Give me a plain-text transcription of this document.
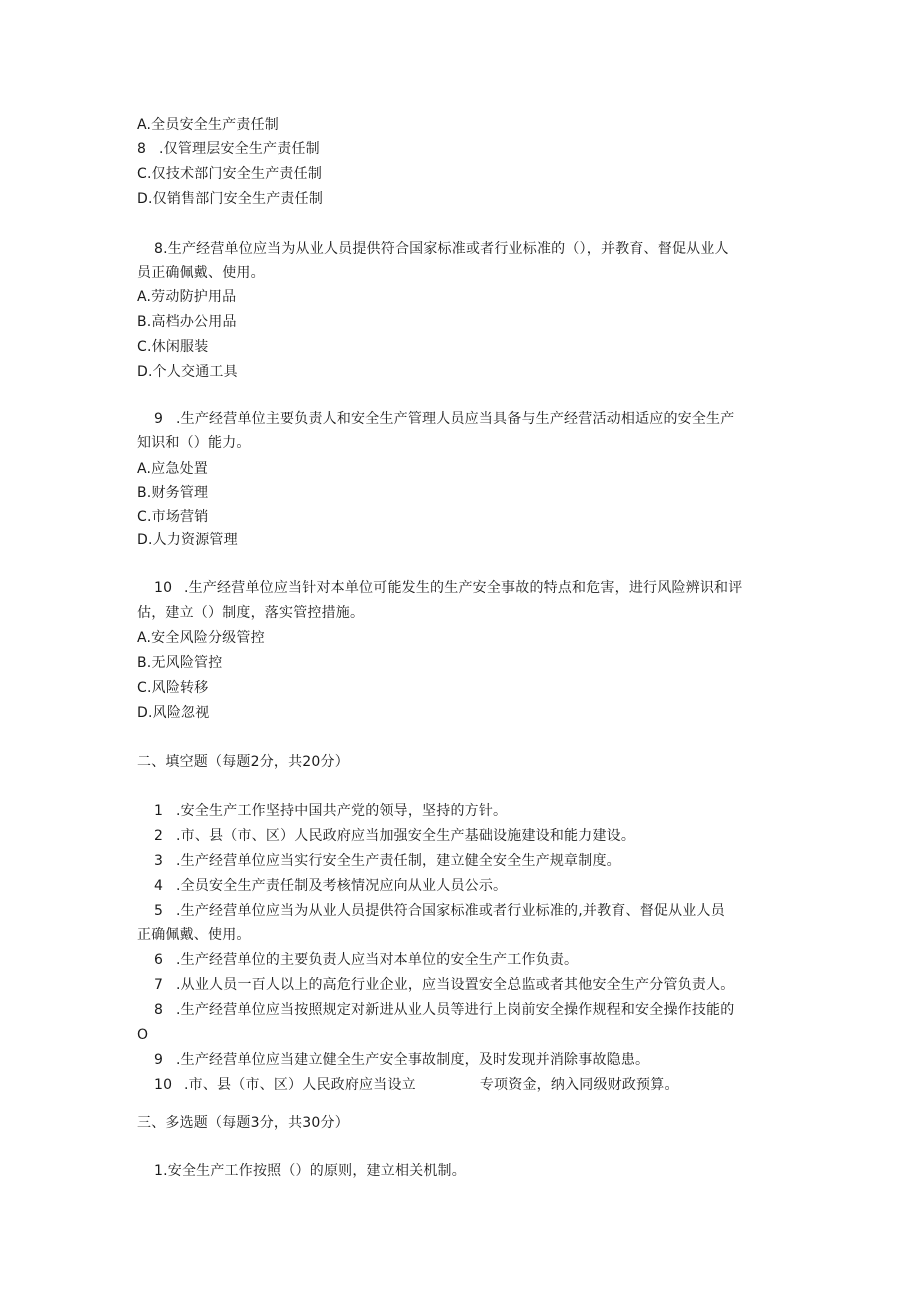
A.全员安全生产责任制
8 .仅管理层安全生产责任制
C.仅技术部门安全生产责任制
D.仅销售部门安全生产责任制
8.生产经营单位应当为从业人员提供符合国家标准或者行业标准的（），并教育、督促从业人
员正确佩戴、使用。
A.劳动防护用品
B.高档办公用品
C.休闲服装
D.个人交通工具
9 .生产经营单位主要负责人和安全生产管理人员应当具备与生产经营活动相适应的安全生产
知识和（）能力。
A.应急处置
B.财务管理
C.市场营销
D.人力资源管理
10 .生产经营单位应当针对本单位可能发生的生产安全事故的特点和危害，进行风险辨识和评
估，建立（）制度，落实管控措施。
A.安全风险分级管控
B.无风险管控
C.风险转移
D.风险忽视
二、填空题（每题2分，共20分）
1 .安全生产工作坚持中国共产党的领导，坚持的方针。
2 .市、县（市、区）人民政府应当加强安全生产基础设施建设和能力建设。
3 .生产经营单位应当实行安全生产责任制，建立健全安全生产规章制度。
4 .全员安全生产责任制及考核情况应向从业人员公示。
5 .生产经营单位应当为从业人员提供符合国家标准或者行业标准的,并教育、督促从业人员
正确佩戴、使用。
6 .生产经营单位的主要负责人应当对本单位的安全生产工作负责。
7 .从业人员一百人以上的高危行业企业，应当设置安全总监或者其他安全生产分管负责人。
8 .生产经营单位应当按照规定对新进从业人员等进行上岗前安全操作规程和安全操作技能的
O
9 .生产经营单位应当建立健全生产安全事故制度，及时发现并消除事故隐患。
10 .市、县（市、区）人民政府应当设立	专项资金，纳入同级财政预算。
三、多选题（每题3分，共30分）
1.安全生产工作按照（）的原则，建立相关机制。
